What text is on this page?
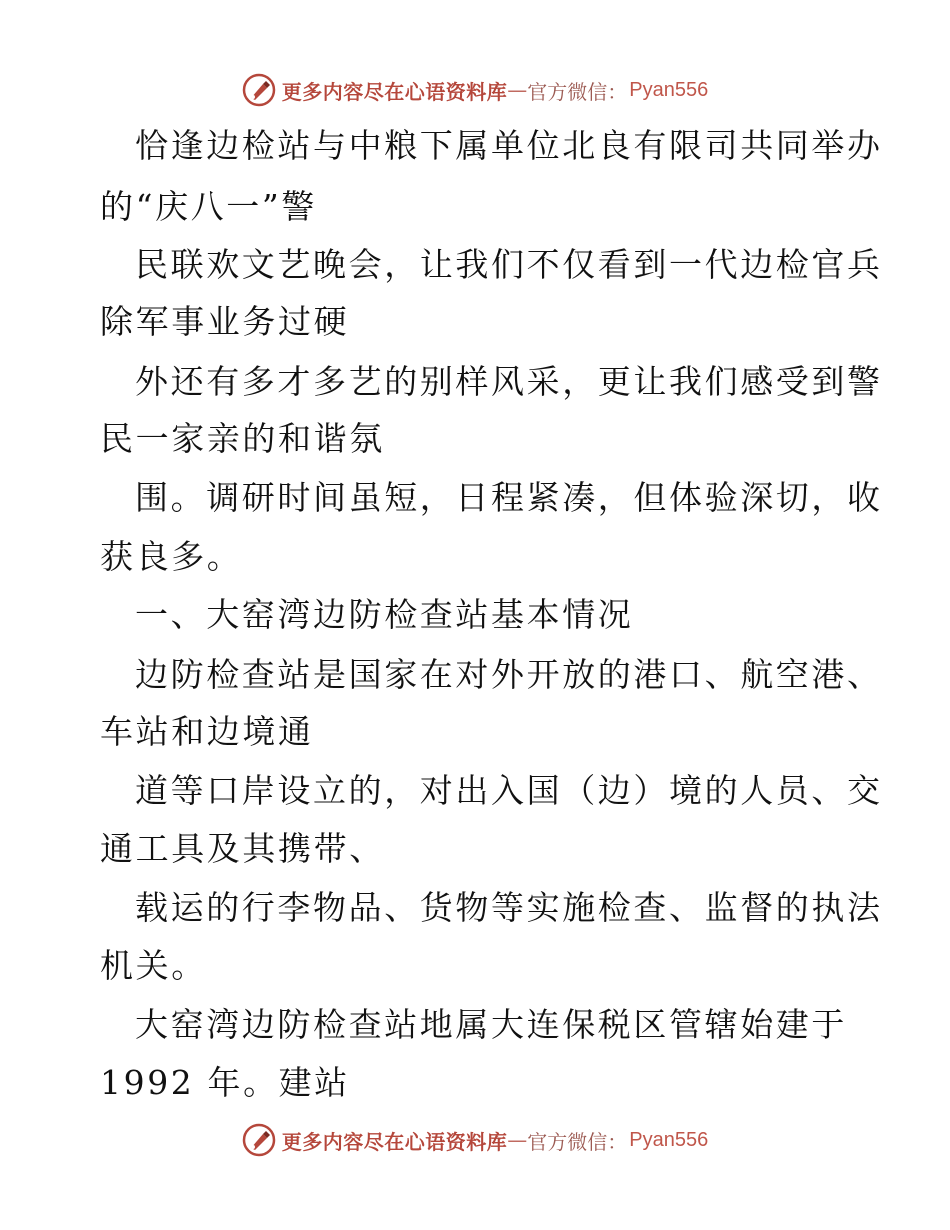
更多内容尽在心语资料库 — 官方微信： Pyan556
恰逢边检站与中粮下属单位北良有限司共同举办
的“庆八一”警
民联欢文艺晚会，让我们不仅看到一代边检官兵
除军事业务过硬
外还有多才多艺的别样风采，更让我们感受到警
民一家亲的和谐氛
围。调研时间虽短，日程紧凑，但体验深切，收
获良多。
一、大窑湾边防检查站基本情况
边防检查站是国家在对外开放的港口、航空港、
车站和边境通
道等口岸设立的，对出入国（边）境的人员、交
通工具及其携带、
载运的行李物品、货物等实施检查、监督的执法
机关。
大窑湾边防检查站地属大连保税区管辖始建于
1992 年。建站
更多内容尽在心语资料库 — 官方微信： Pyan556
